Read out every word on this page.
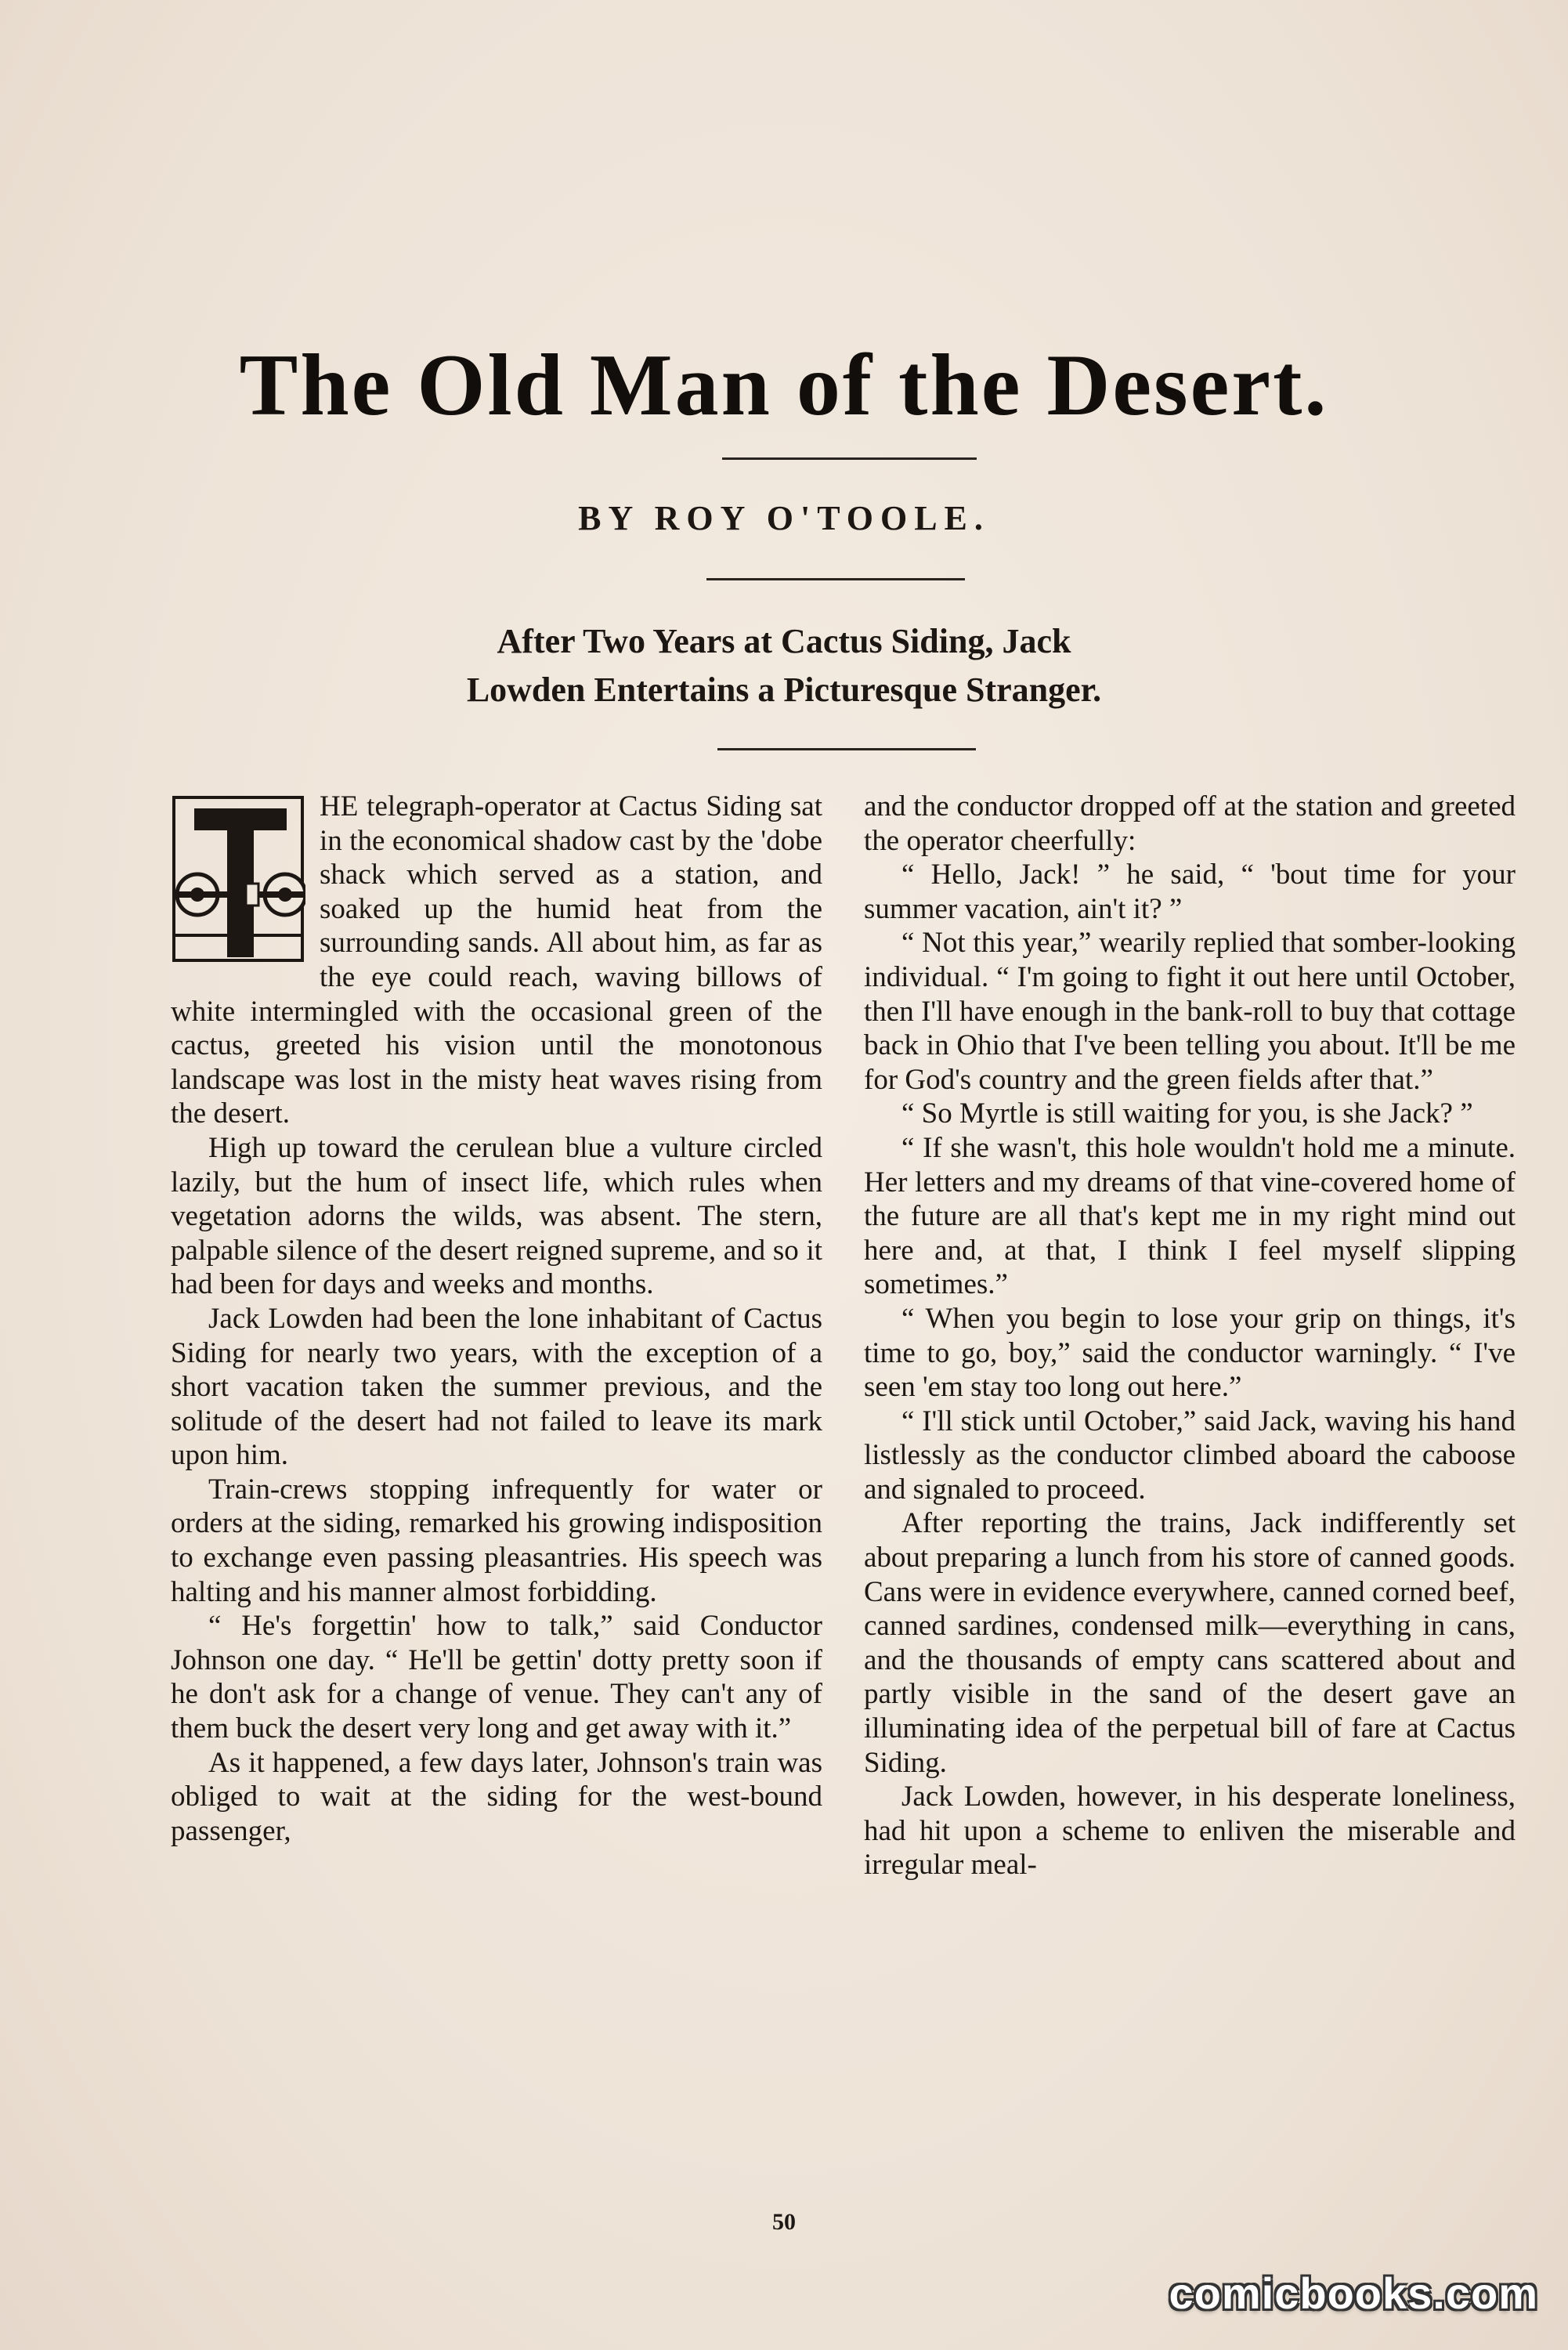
The Old Man of the Desert.
BY ROY O'TOOLE.
After Two Years at Cactus Siding, Jack
Lowden Entertains a Picturesque Stranger.

HE telegraph-operator at Cactus Siding sat in the economical shadow cast by the 'dobe shack which served as a station, and soaked up the humid heat from the surrounding sands. All about him, as far as the eye could reach, waving billows of white intermingled with the occasional green of the cactus, greeted his vision until the monotonous landscape was lost in the misty heat waves rising from the desert.

High up toward the cerulean blue a vulture circled lazily, but the hum of insect life, which rules when vegetation adorns the wilds, was absent. The stern, palpable silence of the desert reigned supreme, and so it had been for days and weeks and months.

Jack Lowden had been the lone inhabitant of Cactus Siding for nearly two years, with the exception of a short vacation taken the summer previous, and the solitude of the desert had not failed to leave its mark upon him.

Train-crews stopping infrequently for water or orders at the siding, remarked his growing indisposition to exchange even passing pleasantries. His speech was halting and his manner almost forbidding.

“ He's forgettin' how to talk,” said Conductor Johnson one day. “ He'll be gettin' dotty pretty soon if he don't ask for a change of venue. They can't any of them buck the desert very long and get away with it.”

As it happened, a few days later, Johnson's train was obliged to wait at the siding for the west-bound passenger,

and the conductor dropped off at the station and greeted the operator cheerfully:

“ Hello, Jack! ” he said, “ 'bout time for your summer vacation, ain't it? ”

“ Not this year,” wearily replied that somber-looking individual. “ I'm going to fight it out here until October, then I'll have enough in the bank-roll to buy that cottage back in Ohio that I've been telling you about. It'll be me for God's country and the green fields after that.”

“ So Myrtle is still waiting for you, is she Jack? ”

“ If she wasn't, this hole wouldn't hold me a minute. Her letters and my dreams of that vine-covered home of the future are all that's kept me in my right mind out here and, at that, I think I feel myself slipping sometimes.”

“ When you begin to lose your grip on things, it's time to go, boy,” said the conductor warningly. “ I've seen 'em stay too long out here.”

“ I'll stick until October,” said Jack, waving his hand listlessly as the conductor climbed aboard the caboose and signaled to proceed.

After reporting the trains, Jack indifferently set about preparing a lunch from his store of canned goods. Cans were in evidence everywhere, canned corned beef, canned sardines, condensed milk—everything in cans, and the thousands of empty cans scattered about and partly visible in the sand of the desert gave an illuminating idea of the perpetual bill of fare at Cactus Siding.

Jack Lowden, however, in his desperate loneliness, had hit upon a scheme to enliven the miserable and irregular meal-

50
comicbooks.com
